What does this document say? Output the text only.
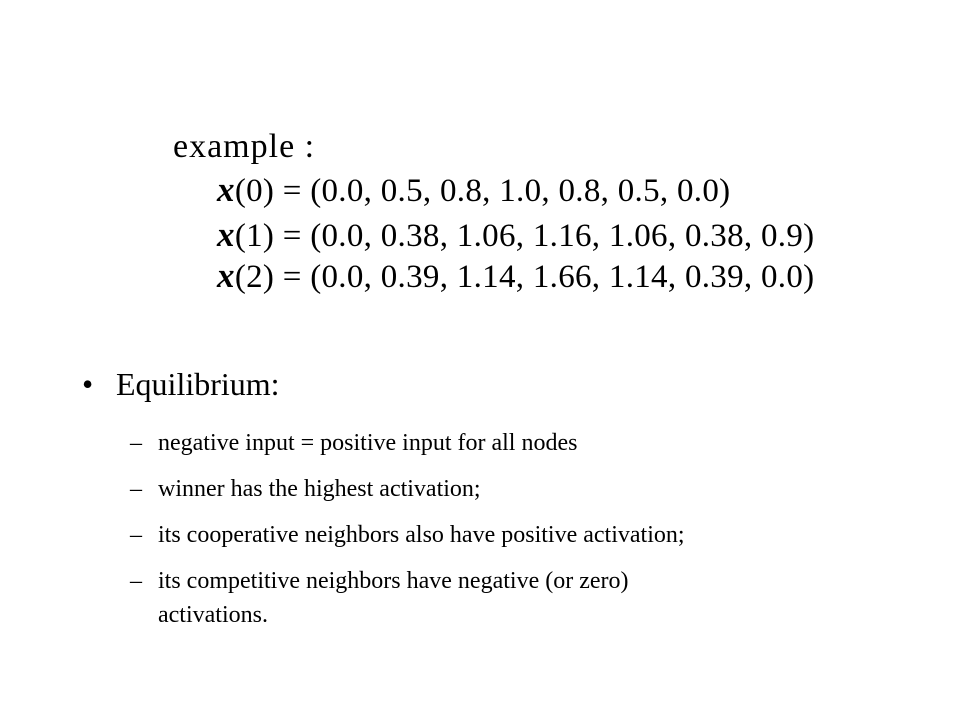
example :
x(0) = (0.0, 0.5, 0.8, 1.0, 0.8, 0.5, 0.0)
x(1) = (0.0, 0.38, 1.06, 1.16, 1.06, 0.38, 0.9)
x(2) = (0.0, 0.39, 1.14, 1.66, 1.14, 0.39, 0.0)
• Equilibrium:
– negative input = positive input for all nodes
– winner has the highest activation;
– its cooperative neighbors also have positive activation;
– its competitive neighbors have negative (or zero)
activations.
